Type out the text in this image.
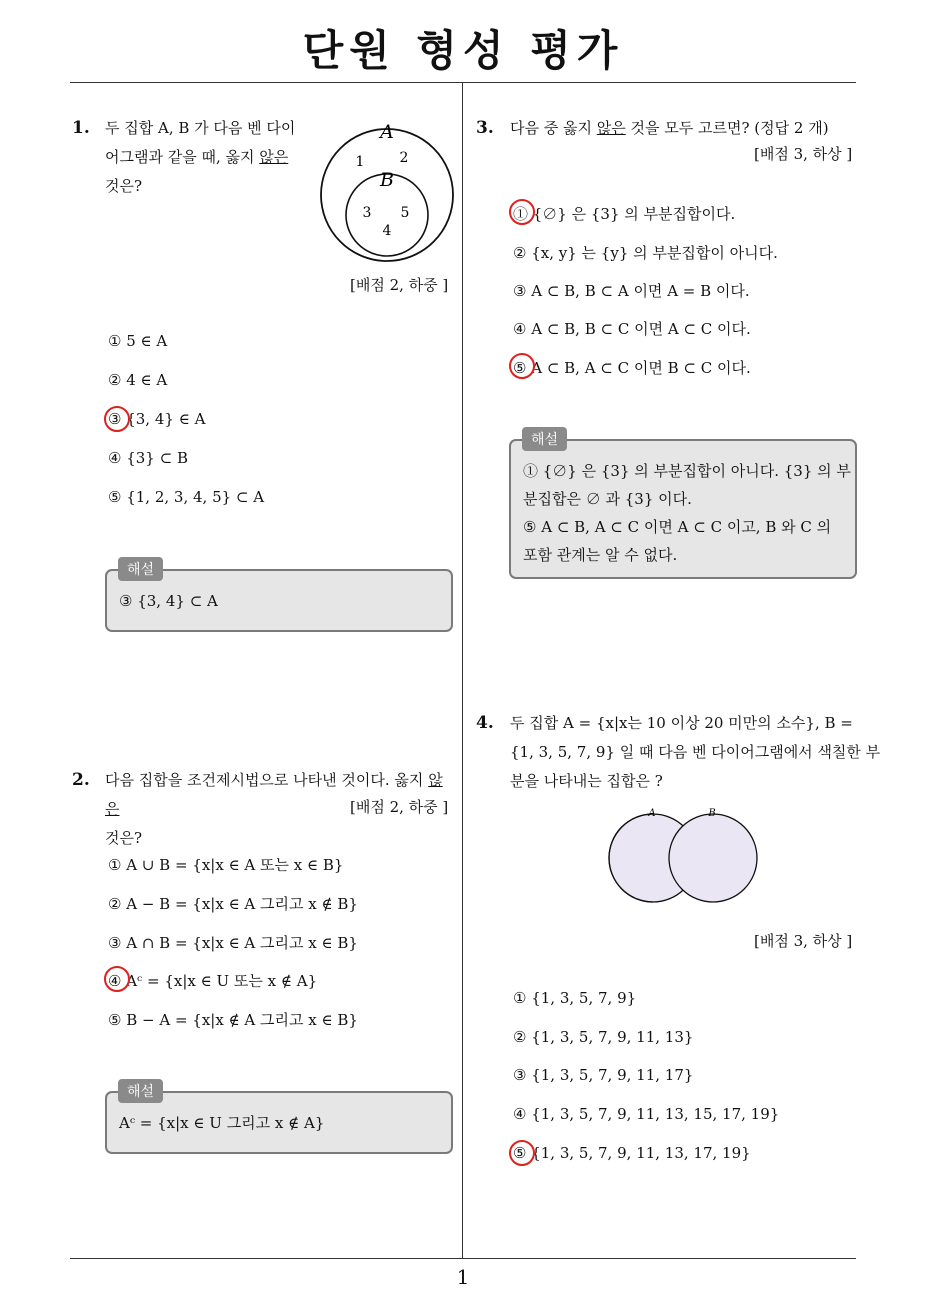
단원 형성 평가
1
1. 두 집합 A, B 가 다음 벤 다이
어그램과 같을 때, 옳지 않은
것은?
A
B
1	2
3 5
4
[배점 2, 하중 ]
① 5 ∈ A
② 4 ∈ A
③ {3, 4} ∈ A
④ {3} ⊂ B
⑤ {1, 2, 3, 4, 5} ⊂ A
③ {3, 4} ⊂ A
해설
2. 다음 집합을 조건제시법으로 나타낸 것이다. 옳지 않은
것은?
[배점 2, 하중 ]
① A ∪ B = {x|x ∈ A 또는 x ∈ B}
② A − B = {x|x ∈ A 그리고 x ∉ B}
③ A ∩ B = {x|x ∈ A 그리고 x ∈ B}
④ Aᶜ = {x|x ∈ U 또는 x ∉ A}
⑤ B − A = {x|x ∉ A 그리고 x ∈ B}
Aᶜ = {x|x ∈ U 그리고 x ∉ A}
해설
3. 다음 중 옳지 않은 것을 모두 고르면? (정답 2 개)
[배점 3, 하상 ]
① {∅} 은 {3} 의 부분집합이다.
② {x, y} 는 {y} 의 부분집합이 아니다.
③ A ⊂ B, B ⊂ A 이면 A = B 이다.
④ A ⊂ B, B ⊂ C 이면 A ⊂ C 이다.
⑤ A ⊂ B, A ⊂ C 이면 B ⊂ C 이다.
① {∅} 은 {3} 의 부분집합이 아니다. {3} 의 부
분집합은 ∅ 과 {3} 이다.
⑤ A ⊂ B, A ⊂ C 이면 A ⊂ C 이고, B 와 C 의
포함 관계는 알 수 없다.
해설
4. 두 집합 A = {x|x는 10 이상 20 미만의 소수}, B =
{1, 3, 5, 7, 9} 일 때 다음 벤 다이어그램에서 색칠한 부
분을 나타내는 집합은 ?
A	B
[배점 3, 하상 ]
① {1, 3, 5, 7, 9}
② {1, 3, 5, 7, 9, 11, 13}
③ {1, 3, 5, 7, 9, 11, 17}
④ {1, 3, 5, 7, 9, 11, 13, 15, 17, 19}
⑤ {1, 3, 5, 7, 9, 11, 13, 17, 19}
